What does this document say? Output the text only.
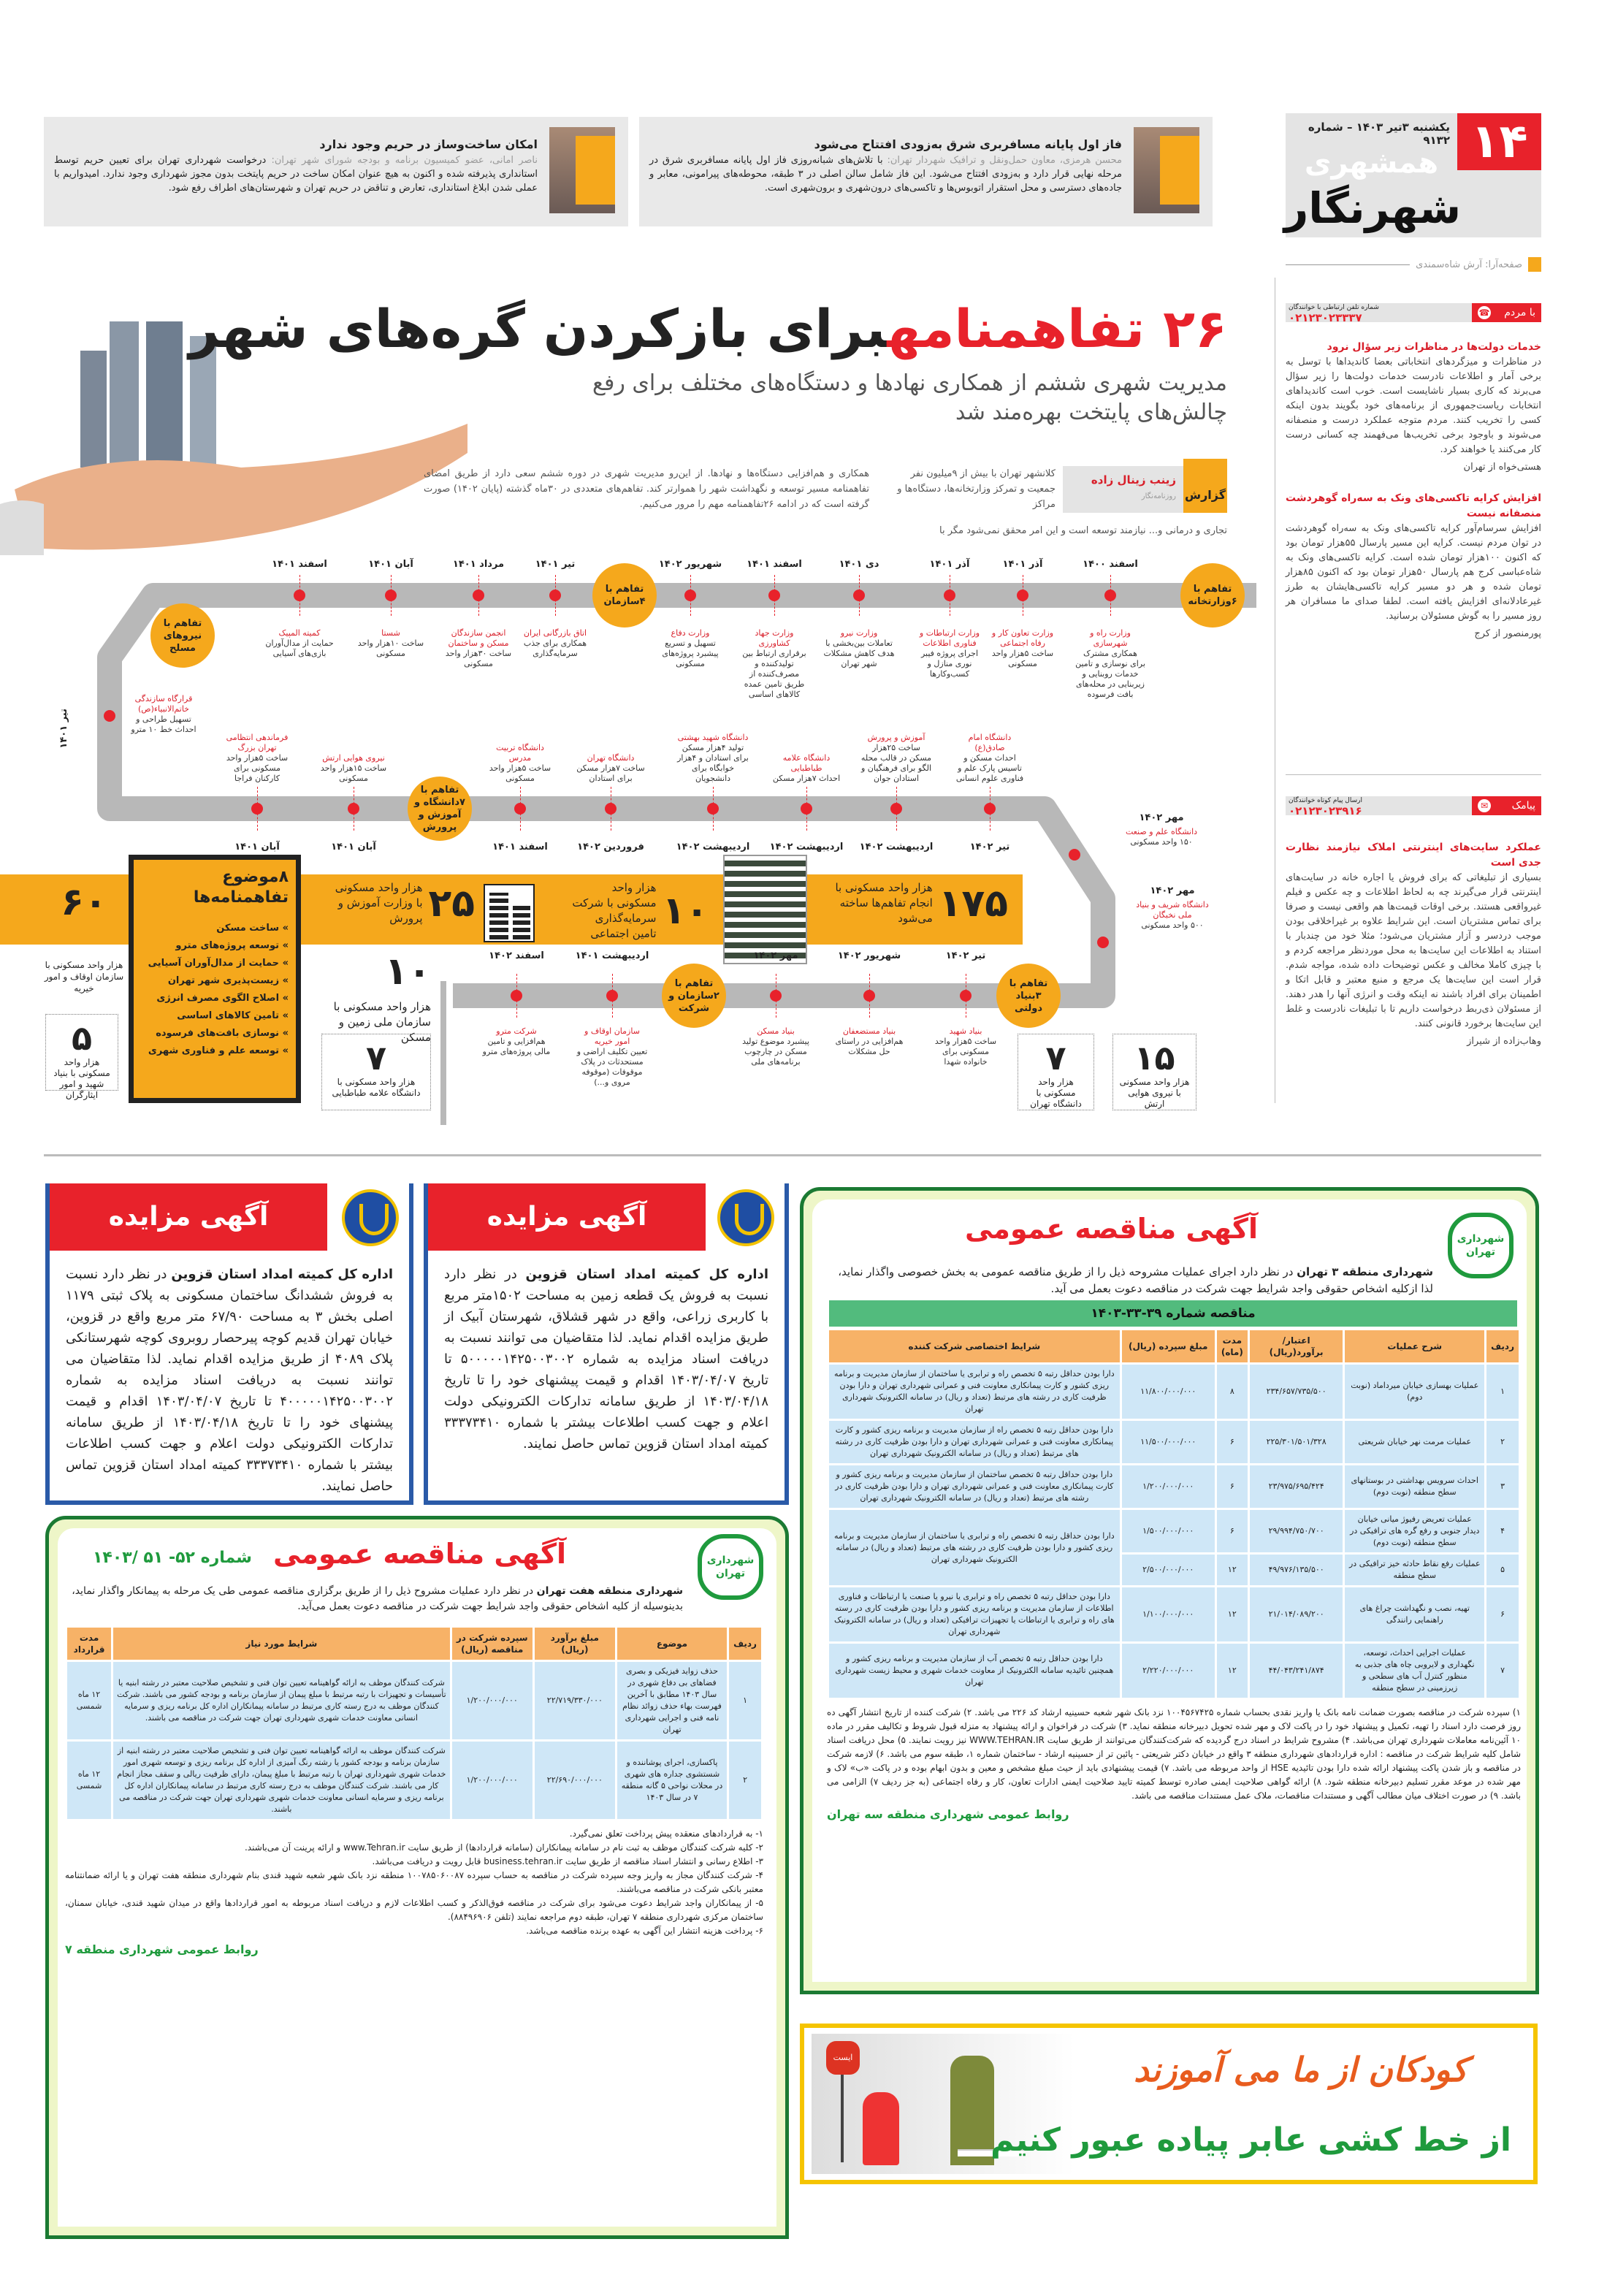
۱۴
یکشنبه ۳تیر ۱۴۰۳ – شماره ۹۱۳۲
همشهری
شهرنگار
صفحه‌آرا: آرش شاه‌سمندی
با مردم
☎
شماره تلفن ارتباطی با خوانندگان
۰۲۱۲۳۰۲۳۳۳۷
خدمات دولت‌ها در مناظرات زیر سؤال نرود

در مناظرات و میزگردهای انتخاباتی بعضا کاندیداها با توسل به برخی آمار و اطلاعات نادرست خدمات دولت‌ها را زیر سؤال می‌برند که کاری بسیار ناشایست است. خوب است کاندیداهای انتخابات ریاست‌جمهوری از برنامه‌های خود بگویند بدون اینکه کسی را تخریب کنند. مردم متوجه عملکرد درست و منصفانه می‌شوند و باوجود برخی تخریب‌ها می‌فهمند چه کسانی درست کار می‌کنند یا خواهند کرد.

هستی‌خواه از تهران

افزایش کرایه تاکسی‌های ونک به سه‌راه گوهردشت منصفانه نیست

افزایش سرسام‌آور کرایه تاکسی‌های ونک به سه‌راه گوهردشت در توان مردم نیست. کرایه این مسیر پارسال ۵۵هزار تومان بود که اکنون ۱۰۰هزار تومان شده است. کرایه تاکسی‌های ونک به شاه‌عباسی کرج هم پارسال ۵۰هزار تومان بود که اکنون ۸۵هزار تومان شده و هر دو مسیر کرایه تاکسی‌هایشان به طرز غیرعادلانه‌ای افزایش یافته است. لطفا صدای ما مسافران هر روز مسیر را به گوش مسئولان برسانید.

پورمنصور از کرج

پیامک
✉
ارسال پیام کوتاه خوانندگان
۰۲۱۲۳۰۲۳۹۱۶
عملکرد سایت‌های اینترنتی املاک نیازمند نظارت جدی است

بسیاری از تبلیغاتی که برای فروش یا اجاره خانه در سایت‌های اینترنتی قرار می‌گیرند چه به لحاظ اطلاعات و چه عکس و فیلم غیرواقعی هستند. برخی اوقات قیمت‌ها هم واقعی نیست و صرفا برای تماس مشتریان است. این شرایط علاوه بر غیراخلاقی بودن موجب دردسر و آزار مشتریان می‌شود؛ مثلا خود من چندبار با استناد به اطلاعات این سایت‌ها به محل موردنظر مراجعه کردم و با چیزی کاملا مخالف و عکس توضیحات داده شده، مواجه شدم. قرار است این سایت‌ها یک مرجع و منبع معتبر و قابل اتکا و اطمینان برای افراد باشند نه اینکه وقت و انرژی آنها را هدر دهند. از مسئولان ذی‌ربط درخواست داریم تا با تبلیغات نادرست و غلط این سایت‌ها برخورد قانونی کنند.

وهاب‌زاده از شیراز

فاز اول پایانه مسافربری شرق به‌زودی افتتاح می‌شود

محسن هرمزی، معاون حمل‌ونقل و ترافیک شهردار تهران: با تلاش‌های شبانه‌روزی فاز اول پایانه مسافربری شرق در مرحله نهایی قرار دارد و به‌زودی افتتاح می‌شود. این فاز شامل سالن اصلی در ۳ طبقه، محوطه‌های پیرامونی، معابر و جاده‌های دسترسی و محل استقرار اتوبوس‌ها و تاکسی‌های درون‌شهری و برون‌شهری است.

امکان ساخت‌وساز در حریم وجود ندارد

ناصر امانی، عضو کمیسیون برنامه و بودجه شورای شهر تهران: درخواست شهرداری تهران برای تعیین حریم توسط استانداری پذیرفته شده و اکنون به هیچ عنوان امکان ساخت در حریم پایتخت بدون مجوز شهرداری وجود ندارد. امیدواریم با عملی شدن ابلاغ استانداری، تعارض و تناقض در حریم تهران و شهرستان‌های اطراف رفع شود.

۲۶ تفاهمنامهبرای بازکردن گره‌های شهر
مدیریت شهری ششم از همکاری نهادها و دستگاه‌های مختلف برای رفع چالش‌های پایتخت بهره‌مند شد
گزارش
زینب زینال زاده
روزنامه‌نگار
کلانشهر تهران با بیش از ۹میلیون نفر جمعیت و تمرکز وزارتخانه‌ها، دستگاه‌ها و مراکز
تجاری و درمانی و... نیازمند توسعه است و این امر محقق نمی‌شود مگر با
همکاری و هم‌افزایی دستگاه‌ها و نهادها. از این‌رو مدیریت شهری در دوره ششم سعی دارد از طریق امضای تفاهمنامه مسیر توسعه و نگهداشت شهر را هموارتر کند. تفاهم‌های متعددی در ۳۰ماه گذشته (پایان ۱۴۰۲) صورت گرفته است که در ادامه ۲۶تفاهمنامه مهم را مرور می‌کنیم.
اسفند ۱۴۰۰
وزارت راه و شهرسازی
همکاری مشترک برای نوسازی و تامین خدمات روبنایی و زیربنایی در محله‌های بافت فرسوده
آذر ۱۴۰۱
وزارت تعاون کار و رفاه اجتماعی
ساخت ۵هزار واحد مسکونی
آذر ۱۴۰۱
وزارت ارتباطات و فناوری اطلاعات
اجرای پروژه فیبر نوری منازل و کسب‌وکارها
دی ۱۴۰۱
وزارت نیرو
تعاملات بین‌بخشی با هدف کاهش مشکلات شهر تهران
اسفند ۱۴۰۱
وزارت جهاد کشاورزی
برقراری ارتباط بین تولیدکننده و مصرف‌کننده از طریق تامین عمده کالاهای اساسی
شهریور ۱۴۰۲
وزارت دفاع
تسهیل و تسریع پیشبرد پروژه‌های مسکونی
تیر ۱۴۰۱
اتاق بازرگانی ایران
همکاری برای جذب سرمایه‌گذاری
مرداد ۱۴۰۱
انجمن سازندگان مسکن و ساختمان
ساخت ۳۰هزار واحد مسکونی
آبان ۱۴۰۱
شستا
ساخت ۱۰هزار واحد مسکونی
اسفند ۱۴۰۱
کمیته المپیک
حمایت از مدال‌آوران بازی‌های آسیایی
آبان ۱۴۰۱
فرماندهی انتظامی تهران بزرگ
ساخت ۵هزار واحد مسکونی برای کارکنان فراجا
آبان ۱۴۰۱
نیروی هوایی ارتش
ساخت ۱۵هزار واحد مسکونی
اسفند ۱۴۰۱
دانشگاه تربیت مدرس
ساخت ۵هزار واحد مسکونی
فروردین ۱۴۰۲
دانشگاه تهران
ساخت ۷هزار مسکن برای استادان
اردیبهشت ۱۴۰۲
دانشگاه شهید بهشتی
تولید ۴هزار مسکن برای استادان و ۴هزار خوابگاه برای دانشجویان
اردیبهشت ۱۴۰۲
دانشگاه علامه طباطبایی
احداث ۷هزار مسکن
اردیبهشت ۱۴۰۲
آموزش و پرورش
ساخت ۲۵هزار مسکن در قالب محله الگو برای فرهنگیان و استادان جوان
تیر ۱۴۰۲
دانشگاه امام صادق(ع)
احداث مسکن و تاسیس پارک علم و فناوری علوم انسانی
اسفند ۱۴۰۲
شرکت مترو
هم‌افزایی و تامین مالی پروژه‌های مترو
اردیبهشت ۱۴۰۱
سازمان اوقاف و امور خیریه
تعیین تکلیف اراضی و مستحدثات در پلاک موقوفات (موقوفه مروی و...)
مهر ۱۴۰۲
بنیاد مسکن
پیشبرد موضوع تولید مسکن در چارچوب برنامه‌های ملی
شهریور ۱۴۰۲
بنیاد مستضعفان
هم‌افزایی در راستای حل مشکلات
تیر ۱۴۰۲
بنیاد شهید
ساخت ۵هزار واحد مسکونی برای خانواده شهدا
تیر ۱۴۰۱
قرارگاه سازندگی خاتم‌الانبیاء(ص)
تسهیل طراحی و احداث خط ۱۰ مترو
مهر ۱۴۰۲
دانشگاه علم و صنعت
۱۵۰ واحد مسکونی
مهر ۱۴۰۲
دانشگاه شریف و بنیاد ملی نخبگان
۵۰۰ واحد مسکونی
تفاهم با ۶وزارتخانه
تفاهم با ۴سازمان
تفاهم با نیروهای مسلح
تفاهم با ۷دانشگاه و آموزش و پرورش
تفاهم با ۲سازمان و شرکت
تفاهم با ۳بنیاد دولتی
۱۷۵
هزار واحد مسکونی با انجام تفاهم‌ها ساخته می‌شود
۱۰
هزار واحد مسکونی با شرکت سرمایه‌گذاری تامین اجتماعی
۲۵
هزار واحد مسکونی با وزارت آموزش و پرورش
۶۰
هزار واحد مسکونی با سازمان اوقاف و امور خیریه
۵
هزار واحد مسکونی با بنیاد شهید و امور ایثارگران
۱۰
هزار واحد مسکونی با سازمان ملی زمین و مسکن
۷
هزار واحد مسکونی با دانشگاه علامه طباطبایی
۷
هزار واحد مسکونی با دانشگاه تهران
۱۵
هزار واحد مسکونی با نیروی هوایی ارتش
۸موضوع تفاهمنامه‌ها
» ساخت مسکن
» توسعه پروژه‌های مترو
» حمایت از مدال‌آوران آسیایی
» زیست‌پذیری شهر تهران
» اصلاح الگوی مصرف انرژی
» تامین کالاهای اساسی
» نوسازی بافت‌های فرسوده
» توسعه علم و فناوری شهری
آگهی مزایده
اداره کل کمیته امداد استان قزوین در نظر دارد نسبت به فروش یک قطعه زمین به مساحت ۱۵۰۲متر مربع با کاربری زراعی، واقع در شهر قشلاق، شهرستان آبیک از طریق مزایده اقدام نماید. لذا متقاضیان می توانند نسبت به دریافت اسناد مزایده به شماره ۵۰۰۰۰۰۱۴۲۵۰۰۳۰۰۲ تا تاریخ ۱۴۰۳/۰۴/۰۷ اقدام و قیمت پیشنهای خود را تا تاریخ ۱۴۰۳/۰۴/۱۸ از طریق سامانه تدارکات الکترونیکی دولت اعلام و جهت کسب اطلاعات بیشتر با شماره ۳۳۳۷۳۴۱۰ کمیته امداد استان قزوین تماس حاصل نمایند.
آگهی مزایده
اداره کل کمیته امداد استان قزوین در نظر دارد نسبت به فروش ششدانگ ساختمان مسکونی به پلاک ثبتی ۱۱۷۹ اصلی بخش ۳ به مساحت ۶۷/۹۰ متر مربع واقع در قزوین، خیابان تهران قدیم کوچه پیرحصار روبروی کوچه شهرستانکی پلاک ۴۰۸۹ از طریق مزایده اقدام نماید. لذا متقاضیان می توانند نسبت به دریافت اسناد مزایده به شماره ۴۰۰۰۰۰۱۴۲۵۰۰۳۰۰۲ تا تاریخ ۱۴۰۳/۰۴/۰۷ اقدام و قیمت پیشنهای خود را تا تاریخ ۱۴۰۳/۰۴/۱۸ از طریق سامانه تدارکات الکترونیکی دولت اعلام و جهت کسب اطلاعات بیشتر با شماره ۳۳۳۷۳۴۱۰ کمیته امداد استان قزوین تماس حاصل نمایند.
شهرداری تهران
آگهی مناقصه عمومی
شهرداری منطقه ۳ تهران در نظر دارد اجرای عملیات مشروحه ذیل را از طریق مناقصه عمومی به بخش خصوصی واگذار نماید، لذا ازکلیه اشخاص حقوقی واجد شرایط جهت شرکت در مناقصه دعوت بعمل می آید.
مناقصه شماره ۳۹-۳۳-۱۴۰۳
ردیف	شرح عملیات	اعتبار/ برآورد(ریال)	مدت (ماه)	مبلغ سپرده (ریال)	شرایط اختصاصی شرکت کننده
۱	عملیات بهسازی خیابان میرداماد (نوبت دوم)	۲۳۴/۶۵۷/۷۳۵/۵۰۰	۸	۱۱/۸۰۰/۰۰۰/۰۰۰	دارا بودن حداقل رتبه ۵ تخصص راه و ترابری یا ساختمان از سازمان مدیریت و برنامه ریزی کشور و کارت پیمانکاری معاونت فنی و عمرانی شهرداری تهران و دارا بودن ظرفیت کاری در رشته های مرتبط (تعداد و ریال) در سامانه الکترونیک شهرداری تهران
۲	عملیات مرمت نهر خیابان شریعتی	۲۲۵/۳۰۱/۵۰۱/۳۲۸	۶	۱۱/۵۰۰/۰۰۰/۰۰۰	دارا بودن حداقل رتبه ۵ تخصص راه از سازمان مدیریت و برنامه ریزی کشور و کارت پیمانکاری معاونت فنی و عمرانی شهرداری تهران و دارا بودن ظرفیت کاری در رشته های مرتبط (تعداد و ریال) در سامانه الکترونیک شهرداری تهران
۳	احداث سرویس بهداشتی در بوستانهای سطح منطقه (نوبت دوم)	۲۳/۹۷۵/۶۹۵/۴۲۴	۶	۱/۲۰۰/۰۰۰/۰۰۰	دارا بودن حداقل رتبه ۵ تخصص ساختمان از سازمان مدیریت و برنامه ریزی کشور و کارت پیمانکاری معاونت فنی و عمرانی شهرداری تهران و دارا بودن ظرفیت کاری در رشته های مرتبط (تعداد و ریال) در سامانه الکترونیک شهرداری تهران
۴	عملیات تعریض رفیوژ میانی خیابان دیدار جنوبی و رفع گره های ترافیکی در سطح منطقه (نوبت دوم)	۲۹/۹۹۴/۷۵۰/۷۰۰	۶	۱/۵۰۰/۰۰۰/۰۰۰	دارا بودن حداقل رتبه ۵ تخصص راه و ترابری یا ساختمان از سازمان مدیریت و برنامه ریزی کشور و دارا بودن ظرفیت کاری در رشته های مرتبط (تعداد و ریال) در سامانه الکترونیک شهرداری تهران
۵	عملیات رفع نقاط حادثه خیز ترافیکی در سطح منطقه	۴۹/۹۷۶/۱۳۵/۵۰۰	۱۲	۲/۵۰۰/۰۰۰/۰۰۰	
۶	تهیه، نصب و نگهداشت چراغ های راهنمایی رانندگی	۲۱/۰۱۴/۰۸۹/۲۰۰	۱۲	۱/۱۰۰/۰۰۰/۰۰۰	دارا بودن حداقل رتبه ۵ تخصص راه و ترابری یا نیرو یا صنعت یا ارتباطات و فناوری اطلاعات از سازمان مدیریت و برنامه ریزی کشور و دارا بودن ظرفیت کاری در رسته های راه و ترابری یا ارتباطات یا تجهیزات ترافیکی (تعداد و ریال) در سامانه الکترونیک شهرداری تهران
۷	عملیات اجرایی احداث، توسعه، نگهداری و لایروبی چاه های جذبی به منظور کنترل آب های سطحی و زیرزمینی در سطح منطقه	۴۴/۰۴۳/۲۴۱/۸۷۴	۱۲	۲/۲۲۰/۰۰۰/۰۰۰	دارا بودن حداقل رتبه ۵ تخصص آب از سازمان مدیریت و برنامه ریزی کشور و همچنین تائیدیه سامانه الکترونیک از معاونت خدمات شهری و محیط زیست شهرداری تهران
۱) سپرده شرکت در مناقصه بصورت ضمانت نامه بانک یا واریز نقدی بحساب شماره ۱۰۰۴۵۶۷۴۲۵ نزد بانک شهر شعبه حسینیه ارشاد کد ۲۲۶ می باشد. ۲) شرکت کننده از تاریخ انتشار آگهی ده روز فرصت دارد اسناد را تهیه، تکمیل و پیشنهاد خود را در پاکت لاک و مهر شده تحویل دبیرخانه منطقه نماید. ۳) شرکت در فراخوان و ارائه پیشنهاد به منزله قبول شروط و تکالیف مقرر در ماده ۱۰ آئین‌نامه معاملات شهرداری تهران می‌باشد. ۴) مشروح شرایط در اسناد درج گردیده که شرکت‌کنندگان می‌توانند از طریق سایت WWW.TEHRAN.IR نیز رویت نمایند. ۵) محل دریافت اسناد شامل کلیه شرایط شرکت در مناقصه : اداره قراردادهای شهرداری منطقه ۳ واقع در خیابان دکتر شریعتی - پائین تر از حسینیه ارشاد - ساختمان شماره ۱، طبقه سوم می باشد. ۶) لازمه شرکت در مناقصه و باز شدن پاکت پیشنهاد ارائه شده دارا بودن تائیدیه HSE از واحد مربوطه می باشد. ۷) قیمت پیشنهادی باید از حیث مبلغ مشخص و معین و بدون ابهام بوده و در پاکت «ب» لاک و مهر شده در موعد مقرر تسلیم دبیرخانه منطقه شود. ۸) ارائه گواهی صلاحیت ایمنی صادره توسط کمیته تایید صلاحیت ایمنی ادارات تعاون، کار و رفاه اجتماعی (به جز ردیف ۷) الزامی می باشد. ۹) در صورت اختلاف میان مطالب آگهی و مستندات مناقصات، ملاک عمل مستندات مناقصه می باشد.
روابط عمومی شهرداری منطقه سه تهران
شهرداری تهران
آگهی مناقصه عمومی
شماره ۵۲- ۵۱ /۱۴۰۳
شهرداری منطقه هفت تهران در نظر دارد عملیات مشروح ذیل را از طریق برگزاری مناقصه عمومی طی یک مرحله به پیمانکار واگذار نماید، بدینوسیله از کلیه اشخاص حقوقی واجد شرایط جهت شرکت در مناقصه دعوت بعمل می‌آید.
ردیف	موضوع	مبلغ برآورد (ریال)	سپرده شرکت در مناقصه (ریال)	شرایط مورد نیاز	مدت قرارداد
۱	حذف زواید فیزیکی و بصری فضاهای بی دفاع شهری در سال ۱۴۰۳ مطابق با آخرین فهرست بهاء حذف زوائد نظام نامه فنی و اجرایی شهرداری تهران	۲۲/۷۱۹/۳۳۰/۰۰۰	۱/۲۰۰/۰۰۰/۰۰۰	شرکت کنندگان موظف به ارائه گواهینامه تعیین توان فنی و تشخیص صلاحیت معتبر در رشته ابنیه یا تأسیسات و تجهیزات با رتبه مرتبط با مبلغ پیمان از سازمان برنامه و بودجه کشور می باشند. شرکت کنندگان موظف به درج رسته کاری مرتبط در سامانه پیمانکاران اداره کل برنامه ریزی و سرمایه انسانی معاونت خدمات شهری شهرداری تهران جهت شرکت در مناقصه می باشند.	۱۲ ماه شمسی
۲	پاکسازی، اجرای پوشاننده و شستشوی جداره های شهری در محلات نواحی ۵ گانه منطقه ۷ در سال ۱۴۰۳	۲۲/۶۹۰/۰۰۰/۰۰۰	۱/۲۰۰/۰۰۰/۰۰۰	شرکت کنندگان موظف به ارائه گواهینامه تعیین توان فنی و تشخیص صلاحیت معتبر در رشته ابنیه از سازمان برنامه و بودجه کشور یا رشته رنگ آمیزی از اداره کل برنامه ریزی و توسعه شهری امور خدمات شهری شهرداری تهران با رتبه مرتبط با مبلغ پیمان، دارای ظرفیت ریالی و سقف مجاز انجام کار می باشند. شرکت کنندگان موظف به درج رسته کاری مرتبط در سامانه پیمانکاران اداره کل برنامه ریزی و سرمایه انسانی معاونت خدمات شهری شهرداری تهران جهت شرکت در مناقصه می باشند.	۱۲ ماه شمسی

۱- به قراردادهای منعقده پیش پرداخت تعلق نمی‌گیرد.

۲- کلیه شرکت کنندگان موظف به ثبت نام در سامانه پیمانکاران (سامانه قراردادها) از طریق سایت www.Tehran.ir و ارائه پرینت آن می‌باشند.

۳- اطلاع رسانی و انتشار اسناد مناقصه از طریق سایت business.tehran.ir قابل رویت و دریافت می‌باشد.

۴- شرکت کنندگان مجاز به واریز وجه سپرده شرکت در مناقصه به حساب سپرده ۱۰۰۷۸۵۰۶۰۰۸۷ منطقه نزد بانک شهر شعبه شهید قندی بنام شهرداری منطقه هفت تهران و یا ارائه ضمانتنامه معتبر بانکی شرکت در مناقصه می‌باشند.

۵- از پیمانکاران واجد شرایط دعوت می‌شود برای شرکت در مناقصه فوق‌الذکر و کسب اطلاعات لازم و دریافت اسناد مربوطه به امور قراردادها واقع در میدان شهید قندی، خیابان سمنان، ساختمان مرکزی شهرداری منطقه ۷ تهران، طبقه دوم مراجعه نمایند (تلفن ۸۸۴۹۶۹۰۶).

۶- پرداخت هزینه انتشار این آگهی به عهده برنده مناقصه می‌باشد.

روابط عمومی شهرداری منطقه ۷
ایست	کودکان از ما می آموزند
از خط کشی عابر پیاده عبور کنیم
